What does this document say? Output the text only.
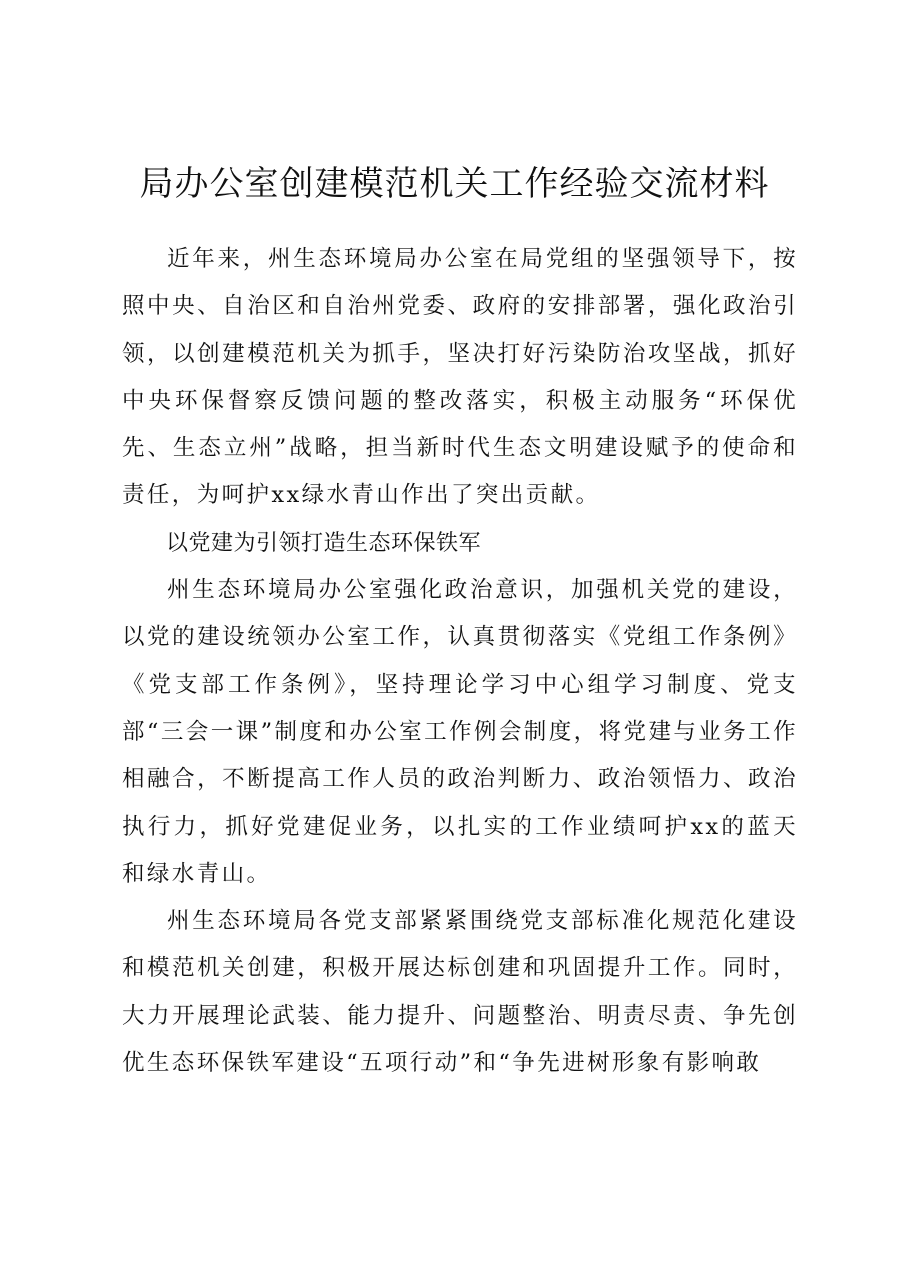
局办公室创建模范机关工作经验交流材料

近年来，州生态环境局办公室在局党组的坚强领导下，按照中央、自治区和自治州党委、政府的安排部署，强化政治引领，以创建模范机关为抓手，坚决打好污染防治攻坚战，抓好中央环保督察反馈问题的整改落实，积极主动服务“环保优先、生态立州”战略，担当新时代生态文明建设赋予的使命和责任，为呵护xx绿水青山作出了突出贡献。

以党建为引领打造生态环保铁军

州生态环境局办公室强化政治意识，加强机关党的建设，以党的建设统领办公室工作，认真贯彻落实《党组工作条例》《党支部工作条例》，坚持理论学习中心组学习制度、党支部“三会一课”制度和办公室工作例会制度，将党建与业务工作相融合，不断提高工作人员的政治判断力、政治领悟力、政治执行力，抓好党建促业务，以扎实的工作业绩呵护xx的蓝天和绿水青山。

州生态环境局各党支部紧紧围绕党支部标准化规范化建设和模范机关创建，积极开展达标创建和巩固提升工作。同时，大力开展理论武装、能力提升、问题整治、明责尽责、争先创优生态环保铁军建设“五项行动”和“争先进树形象有影响敢
